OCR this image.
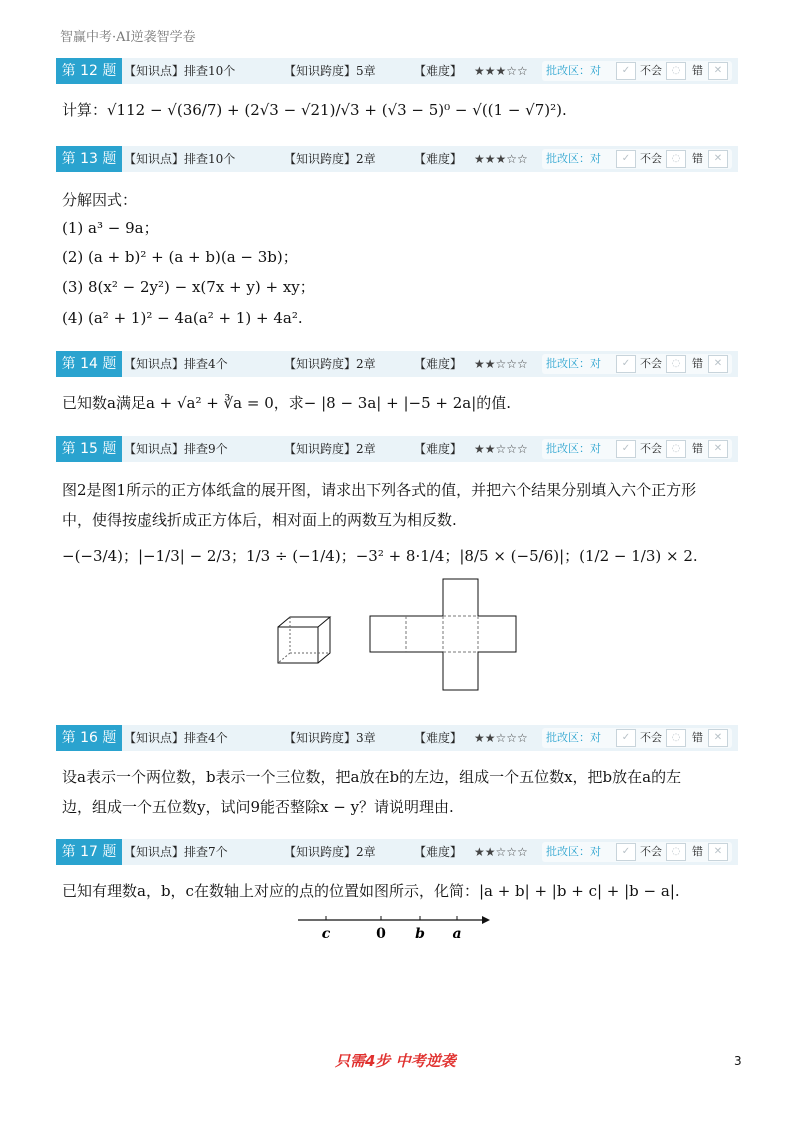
智赢中考·AI逆袭智学卷
第 12 题 【知识点】排查10个	【知识跨度】5章	【难度】 ★★★☆☆ 批改区：对	✓ 不会 ◌	错	✕
计算：√112 − √(36/7) + (2√3 − √21)/√3 + (√3 − 5)⁰ − √((1 − √7)²).
第 13 题 【知识点】排查10个	【知识跨度】2章	【难度】 ★★★☆☆ 批改区：对	✓ 不会 ◌	错	✕
分解因式：
(1) a³ − 9a；
(2) (a + b)² + (a + b)(a − 3b)；
(3) 8(x² − 2y²) − x(7x + y) + xy；
(4) (a² + 1)² − 4a(a² + 1) + 4a².
第 14 题 【知识点】排查4个	【知识跨度】2章	【难度】 ★★☆☆☆ 批改区：对	✓ 不会 ◌	错	✕
已知数a满足a + √a² + ∛a = 0，求− |8 − 3a| + |−5 + 2a|的值.
第 15 题 【知识点】排查9个	【知识跨度】2章	【难度】 ★★☆☆☆ 批改区：对	✓ 不会 ◌	错	✕
图2是图1所示的正方体纸盒的展开图，请求出下列各式的值，并把六个结果分别填入六个正方形
中，使得按虚线折成正方体后，相对面上的两数互为相反数.
−(−3/4)；|−1/3| − 2/3；1/3 ÷ (−1/4)；−3² + 8·1/4；|8/5 × (−5/6)|；(1/2 − 1/3) × 2.
第 16 题 【知识点】排查4个	【知识跨度】3章	【难度】 ★★☆☆☆ 批改区：对	✓ 不会 ◌	错	✕
设a表示一个两位数，b表示一个三位数，把a放在b的左边，组成一个五位数x，把b放在a的左
边，组成一个五位数y，试问9能否整除x − y？请说明理由.
第 17 题 【知识点】排查7个	【知识跨度】2章	【难度】 ★★☆☆☆ 批改区：对	✓ 不会 ◌	错	✕
已知有理数a，b，c在数轴上对应的点的位置如图所示，化简：|a + b| + |b + c| + |b − a|.
c	0 b a
只需4步 中考逆袭	3
